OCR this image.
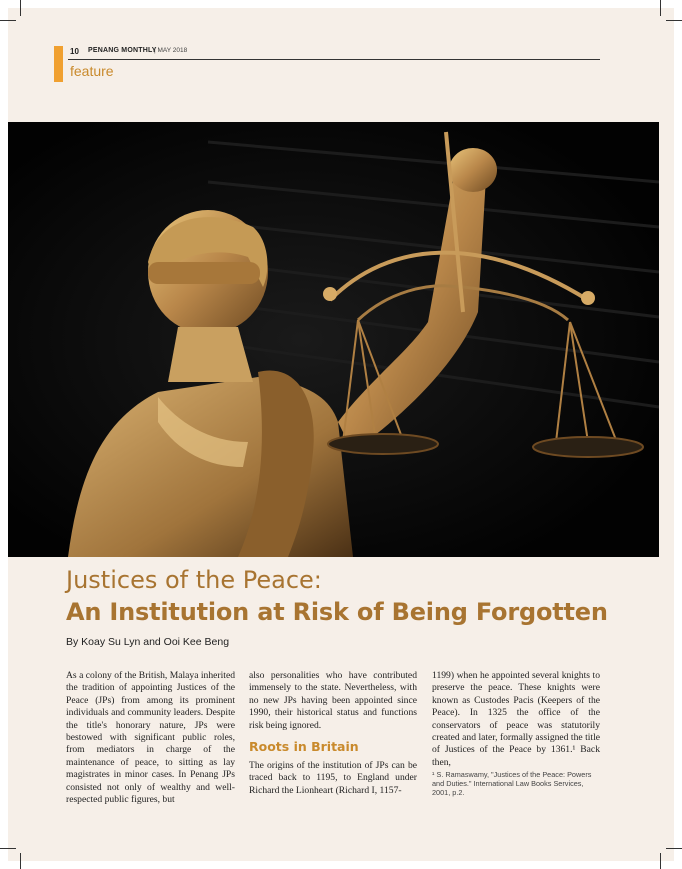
10 PENANG MONTHLY
| MAY 2018
feature
Justices of the Peace:
An Institution at Risk of Being Forgotten
By Koay Su Lyn and Ooi Kee Beng

As a colony of the British, Malaya inherited the tradition of appointing Justices of the Peace (JPs) from among its prominent individuals and community leaders. Despite the title's honorary nature, JPs were bestowed with significant public roles, from mediators in charge of the maintenance of peace, to sitting as lay magistrates in minor cases. In Penang JPs consisted not only of wealthy and well-respected public figures, but

also personalities who have contributed immensely to the state. Nevertheless, with no new JPs having been appointed since 1990, their historical status and functions risk being ignored.

Roots in Britain

The origins of the institution of JPs can be traced back to 1195, to England under Richard the Lionheart (Richard I, 1157-

1199) when he appointed several knights to preserve the peace. These knights were known as Custodes Pacis (Keepers of the Peace). In 1325 the office of the conservators of peace was statutorily created and later, formally assigned the title of Justices of the Peace by 1361.¹ Back then,

¹ S. Ramaswamy, "Justices of the Peace: Powers and Duties." International Law Books Services, 2001, p.2.
